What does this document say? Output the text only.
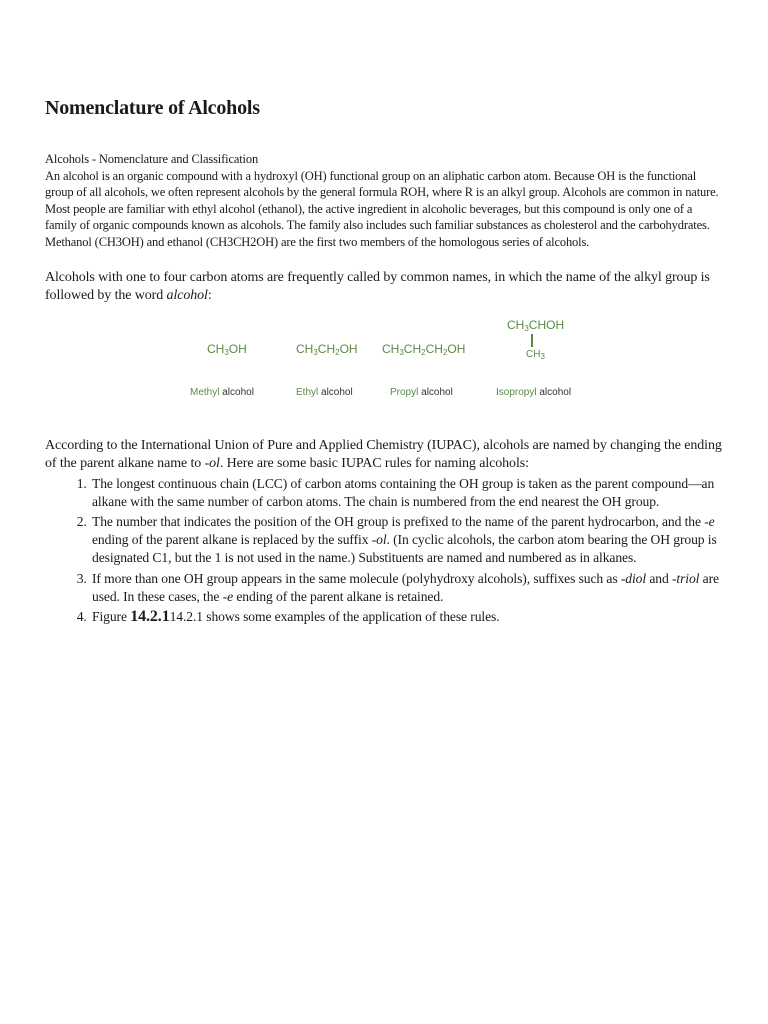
Nomenclature of Alcohols

Alcohols - Nomenclature and Classification
An alcohol is an organic compound with a hydroxyl (OH) functional group on an aliphatic carbon atom. Because OH is the functional group of all alcohols, we often represent alcohols by the general formula ROH, where R is an alkyl group. Alcohols are common in nature. Most people are familiar with ethyl alcohol (ethanol), the active ingredient in alcoholic beverages, but this compound is only one of a family of organic compounds known as alcohols. The family also includes such familiar substances as cholesterol and the carbohydrates. Methanol (CH3OH) and ethanol (CH3CH2OH) are the first two members of the homologous series of alcohols.

Alcohols with one to four carbon atoms are frequently called by common names, in which the name of the alkyl group is followed by the word alcohol:

$CH_3OH$
Methyl alcohol
$CH_3CH_2OH$
Ethyl alcohol
$CH_3CH_2CH_2OH$
Propyl alcohol
$CH_3CHOH$
$CH_3$
Isopropyl alcohol

According to the International Union of Pure and Applied Chemistry (IUPAC), alcohols are named by changing the ending of the parent alkane name to -ol. Here are some basic IUPAC rules for naming alcohols:

1. The longest continuous chain (LCC) of carbon atoms containing the OH group is taken as the parent compound—an alkane with the same number of carbon atoms. The chain is numbered from the end nearest the OH group.
2. The number that indicates the position of the OH group is prefixed to the name of the parent hydrocarbon, and the -e ending of the parent alkane is replaced by the suffix -ol. (In cyclic alcohols, the carbon atom bearing the OH group is designated C1, but the 1 is not used in the name.) Substituents are named and numbered as in alkanes.
3. If more than one OH group appears in the same molecule (polyhydroxy alcohols), suffixes such as -diol and -triol are used. In these cases, the -e ending of the parent alkane is retained.
4. Figure 14.2.114.2.1 shows some examples of the application of these rules.
